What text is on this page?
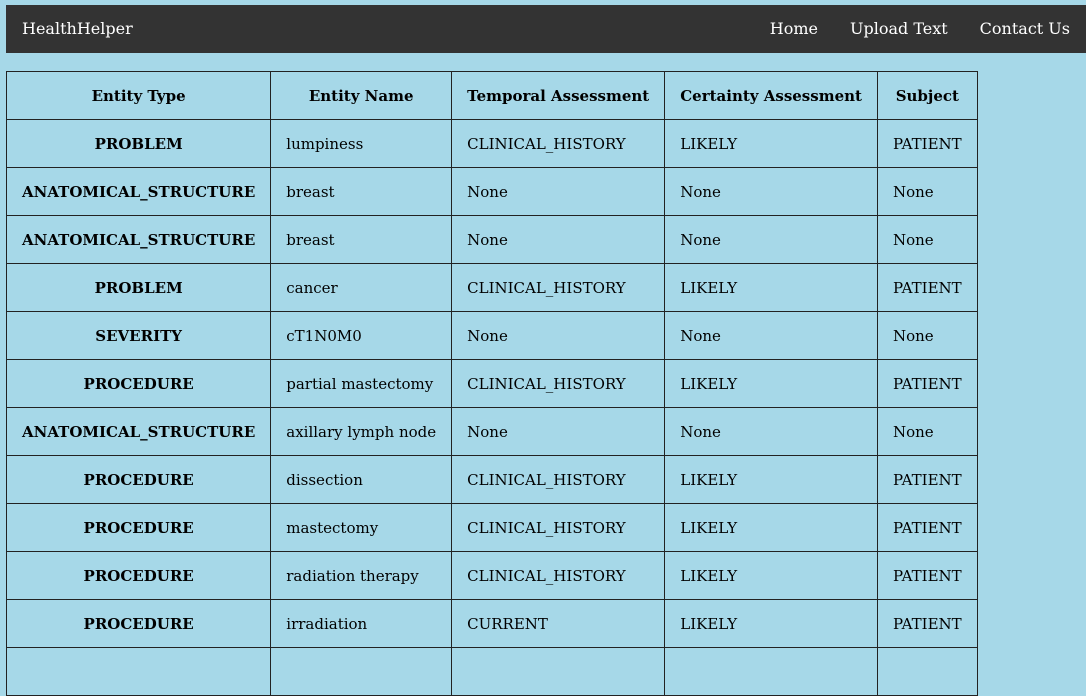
HealthHelper	Home	Upload Text	Contact Us
Entity Type	Entity Name	Temporal Assessment	Certainty Assessment	Subject
PROBLEM	lumpiness	CLINICAL_HISTORY	LIKELY	PATIENT
ANATOMICAL_STRUCTURE	breast	None	None	None
ANATOMICAL_STRUCTURE	breast	None	None	None
PROBLEM	cancer	CLINICAL_HISTORY	LIKELY	PATIENT
SEVERITY	cT1N0M0	None	None	None
PROCEDURE	partial mastectomy	CLINICAL_HISTORY	LIKELY	PATIENT
ANATOMICAL_STRUCTURE	axillary lymph node	None	None	None
PROCEDURE	dissection	CLINICAL_HISTORY	LIKELY	PATIENT
PROCEDURE	mastectomy	CLINICAL_HISTORY	LIKELY	PATIENT
PROCEDURE	radiation therapy	CLINICAL_HISTORY	LIKELY	PATIENT
PROCEDURE	irradiation	CURRENT	LIKELY	PATIENT
